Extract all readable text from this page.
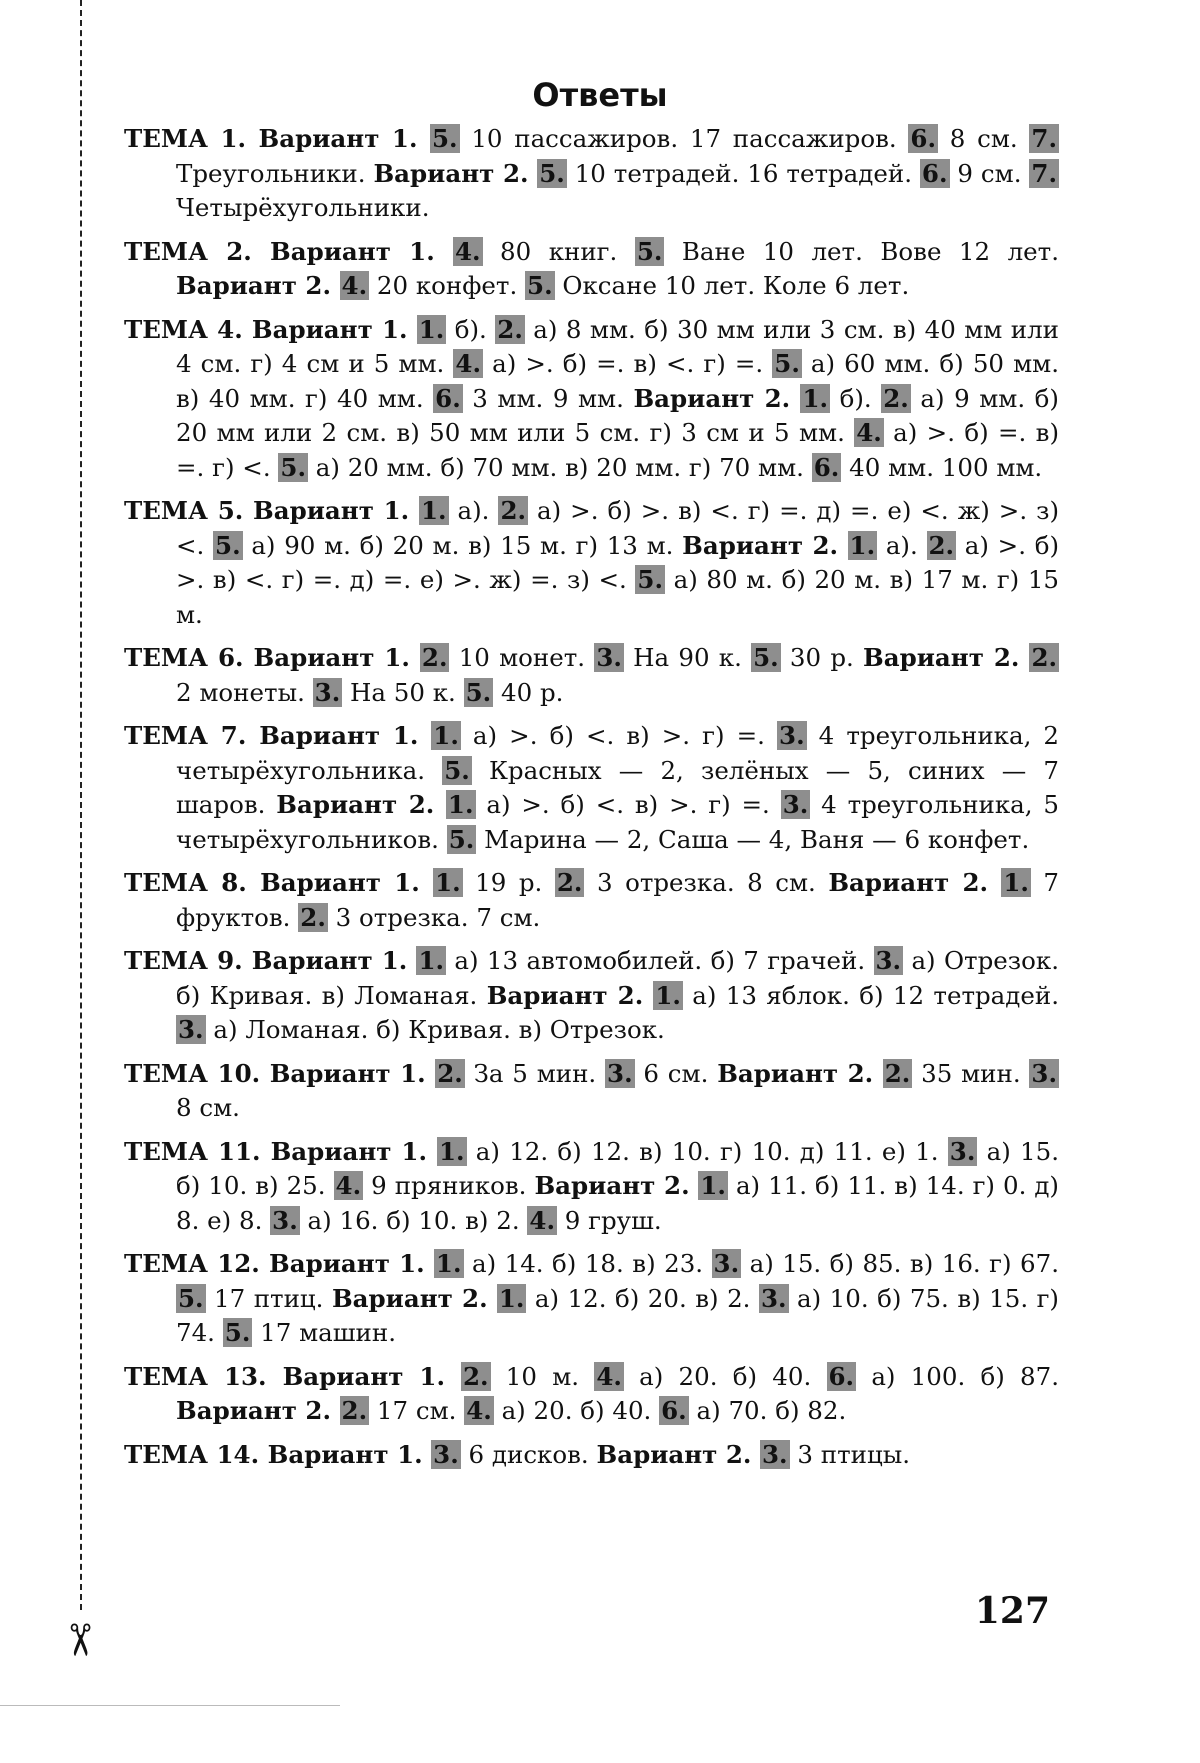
✂
Ответы

ТЕМА 1. Вариант 1. 5. 10 пассажиров. 17 пассажиров. 6. 8 см. 7. Треугольники. Вариант 2. 5. 10 тетрадей. 16 тетрадей. 6. 9 см. 7. Четырёхугольники.

ТЕМА 2. Вариант 1. 4. 80 книг. 5. Ване 10 лет. Вове 12 лет. Вариант 2. 4. 20 конфет. 5. Оксане 10 лет. Коле 6 лет.

ТЕМА 4. Вариант 1. 1. б). 2. а) 8 мм. б) 30 мм или 3 см. в) 40 мм или 4 см. г) 4 см и 5 мм. 4. а) >. б) =. в) <. г) =. 5. а) 60 мм. б) 50 мм. в) 40 мм. г) 40 мм. 6. 3 мм. 9 мм. Вариант 2. 1. б). 2. а) 9 мм. б) 20 мм или 2 см. в) 50 мм или 5 см. г) 3 см и 5 мм. 4. а) >. б) =. в) =. г) <. 5. а) 20 мм. б) 70 мм. в) 20 мм. г) 70 мм. 6. 40 мм. 100 мм.

ТЕМА 5. Вариант 1. 1. а). 2. а) >. б) >. в) <. г) =. д) =. е) <. ж) >. з) <. 5. а) 90 м. б) 20 м. в) 15 м. г) 13 м. Вариант 2. 1. а). 2. а) >. б) >. в) <. г) =. д) =. е) >. ж) =. з) <. 5. а) 80 м. б) 20 м. в) 17 м. г) 15 м.

ТЕМА 6. Вариант 1. 2. 10 монет. 3. На 90 к. 5. 30 р. Вариант 2. 2. 2 монеты. 3. На 50 к. 5. 40 р.

ТЕМА 7. Вариант 1. 1. а) >. б) <. в) >. г) =. 3. 4 треугольника, 2 четырёхугольника. 5. Красных — 2, зелёных — 5, синих — 7 шаров. Вариант 2. 1. а) >. б) <. в) >. г) =. 3. 4 треугольника, 5 четырёхугольников. 5. Марина — 2, Саша — 4, Ваня — 6 конфет.

ТЕМА 8. Вариант 1. 1. 19 р. 2. 3 отрезка. 8 см. Вариант 2. 1. 7 фруктов. 2. 3 отрезка. 7 см.

ТЕМА 9. Вариант 1. 1. а) 13 автомобилей. б) 7 грачей. 3. а) Отрезок. б) Кривая. в) Ломаная. Вариант 2. 1. а) 13 яблок. б) 12 тетрадей. 3. а) Ломаная. б) Кривая. в) Отрезок.

ТЕМА 10. Вариант 1. 2. За 5 мин. 3. 6 см. Вариант 2. 2. 35 мин. 3. 8 см.

ТЕМА 11. Вариант 1. 1. а) 12. б) 12. в) 10. г) 10. д) 11. е) 1. 3. а) 15. б) 10. в) 25. 4. 9 пряников. Вариант 2. 1. а) 11. б) 11. в) 14. г) 0. д) 8. е) 8. 3. а) 16. б) 10. в) 2. 4. 9 груш.

ТЕМА 12. Вариант 1. 1. а) 14. б) 18. в) 23. 3. а) 15. б) 85. в) 16. г) 67. 5. 17 птиц. Вариант 2. 1. а) 12. б) 20. в) 2. 3. а) 10. б) 75. в) 15. г) 74. 5. 17 машин.

ТЕМА 13. Вариант 1. 2. 10 м. 4. а) 20. б) 40. 6. а) 100. б) 87. Вариант 2. 2. 17 см. 4. а) 20. б) 40. 6. а) 70. б) 82.

ТЕМА 14. Вариант 1. 3. 6 дисков. Вариант 2. 3. 3 птицы.

127
